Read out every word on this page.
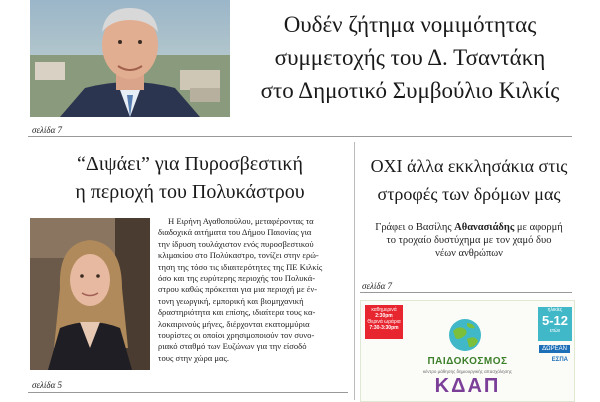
Ουδέν ζήτημα νομιμότητας
συμμετοχής του Δ. Τσαντάκη
στο Δημοτικό Συμβούλιο Κιλκίς
σελίδα 7
“Διψάει” για Πυροσβεστική
η περιοχή του Πολυκάστρου
Η Ειρήνη Αγαθοπούλου, μεταφέροντας τα
διαδοχικά αιτήματα του Δήμου Παιονίας για
την ίδρυση τουλάχιστον ενός πυροσβεστικού
κλιμακίου στο Πολύκαστρο, τονίζει στην ερώ-
τηση της τόσο τις ιδιαιτερότητες της ΠΕ Κιλκίς
όσο και της ευρύτερης περιοχής του Πολυκά-
στρου καθώς πρόκειται για μια περιοχή με έν-
τονη γεωργική, εμπορική και βιομηχανική
δραστηριότητα και επίσης, ιδιαίτερα τους κα-
λοκαιρινούς μήνες, διέρχονται εκατομμύρια
τουρίστες οι οποίοι χρησιμοποιούν τον συνο-
ριακό σταθμό των Ευζώνων για την είσοδό
τους στην χώρα μας.
σελίδα 5
ΟΧΙ άλλα εκκλησάκια στις
στροφές των δρόμων μας
Γράφει ο Βασίλης Αθανασιάδης με αφορμή
το τροχαίο δυστύχημα με τον χαμό δυο
νέων ανθρώπων
σελίδα 7
καθημερινά
2:30pm
Θερινά ωράρια
7:30-3:30pm
ηλικίες
5-12
ετών
ΔΩΡΕΑΝ
ΕΣΠΑ
ΠΑΙΔΟΚΟΣΜΟΣ
κέντρο μάθησης δημιουργικής απασχόλησης
ΚΔΑΠ
